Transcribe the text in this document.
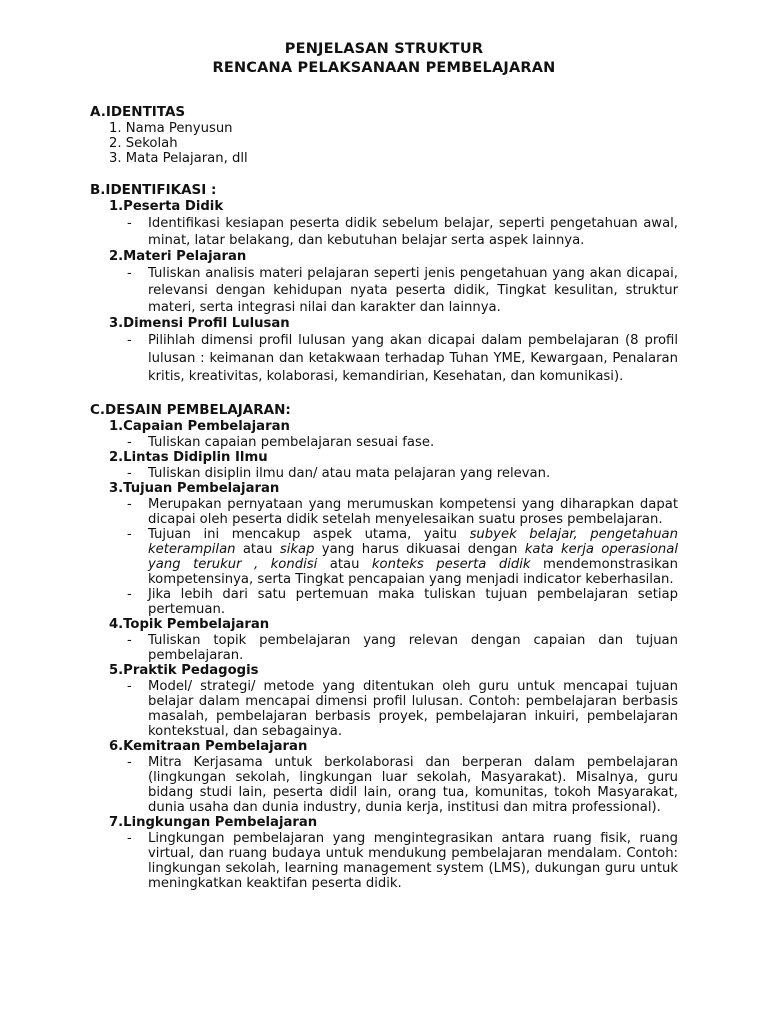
PENJELASAN STRUKTUR
RENCANA PELAKSANAAN PEMBELAJARAN
A.IDENTITAS
1. Nama Penyusun
2. Sekolah
3. Mata Pelajaran, dll
B.IDENTIFIKASI :
1.Peserta Didik
- Identifikasi kesiapan peserta didik sebelum belajar, seperti pengetahuan awal, minat, latar belakang, dan kebutuhan belajar serta aspek lainnya.
2.Materi Pelajaran
- Tuliskan analisis materi pelajaran seperti jenis pengetahuan yang akan dicapai, relevansi dengan kehidupan nyata peserta didik, Tingkat kesulitan, struktur materi, serta integrasi nilai dan karakter dan lainnya.
3.Dimensi Profil Lulusan
- Pilihlah dimensi profil lulusan yang akan dicapai dalam pembelajaran (8 profil lulusan : keimanan dan ketakwaan terhadap Tuhan YME, Kewargaan, Penalaran kritis, kreativitas, kolaborasi, kemandirian, Kesehatan, dan komunikasi).
C.DESAIN PEMBELAJARAN:
1.Capaian Pembelajaran
- Tuliskan capaian pembelajaran sesuai fase.
2.Lintas Didiplin Ilmu
- Tuliskan disiplin ilmu dan/ atau mata pelajaran yang relevan.
3.Tujuan Pembelajaran
- Merupakan pernyataan yang merumuskan kompetensi yang diharapkan dapat dicapai oleh peserta didik setelah menyelesaikan suatu proses pembelajaran.
- Tujuan ini mencakup aspek utama, yaitu subyek belajar, pengetahuan keterampilan atau sikap yang harus dikuasai dengan kata kerja operasional yang terukur , kondisi atau konteks peserta didik mendemonstrasikan kompetensinya, serta Tingkat pencapaian yang menjadi indicator keberhasilan.
- Jika lebih dari satu pertemuan maka tuliskan tujuan pembelajaran setiap pertemuan.
4.Topik Pembelajaran
- Tuliskan topik pembelajaran yang relevan dengan capaian dan tujuan pembelajaran.
5.Praktik Pedagogis
- Model/ strategi/ metode yang ditentukan oleh guru untuk mencapai tujuan belajar dalam mencapai dimensi profil lulusan. Contoh: pembelajaran berbasis masalah, pembelajaran berbasis proyek, pembelajaran inkuiri, pembelajaran kontekstual, dan sebagainya.
6.Kemitraan Pembelajaran
- Mitra Kerjasama untuk berkolaborasi dan berperan dalam pembelajaran (lingkungan sekolah, lingkungan luar sekolah, Masyarakat). Misalnya, guru bidang studi lain, peserta didil lain, orang tua, komunitas, tokoh Masyarakat, dunia usaha dan dunia industry, dunia kerja, institusi dan mitra professional).
7.Lingkungan Pembelajaran
- Lingkungan pembelajaran yang mengintegrasikan antara ruang fisik, ruang virtual, dan ruang budaya untuk mendukung pembelajaran mendalam. Contoh: lingkungan sekolah, learning management system (LMS), dukungan guru untuk meningkatkan keaktifan peserta didik.
